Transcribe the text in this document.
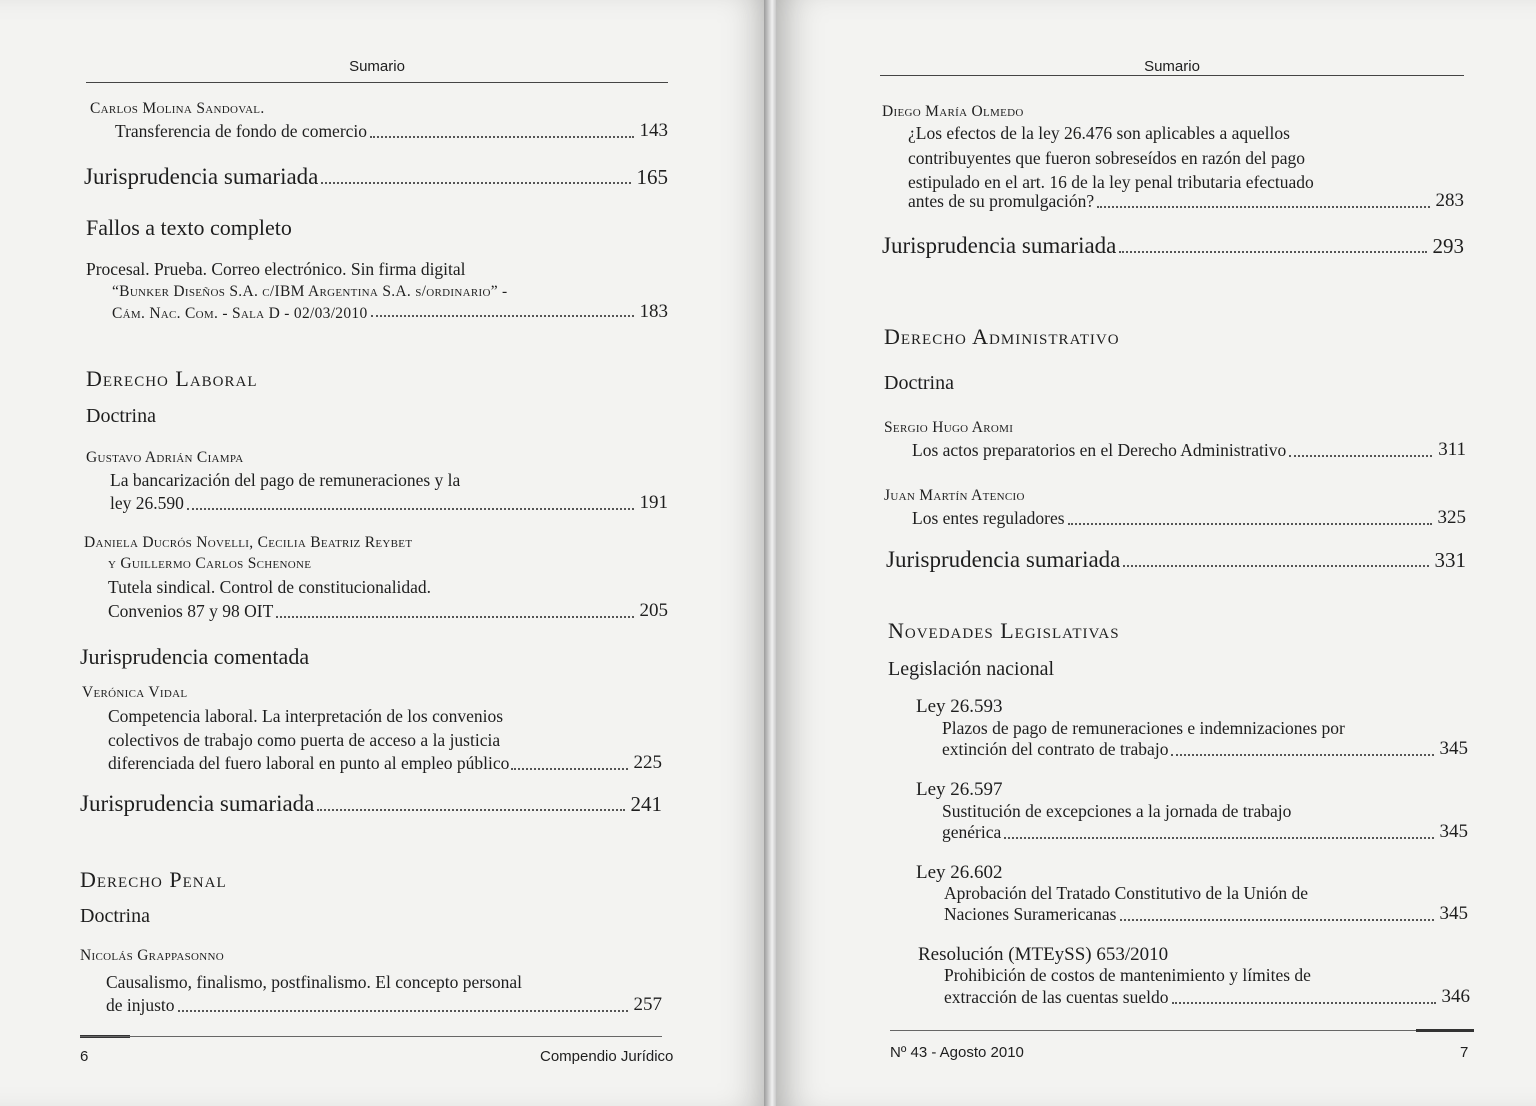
Sumario
Carlos Molina Sandoval.
Transferencia de fondo de comercio	143
Jurisprudencia sumariada	165
Fallos a texto completo
Procesal. Prueba. Correo electrónico. Sin firma digital
“Bunker Diseños S.A. c/IBM Argentina S.A. s/ordinario” -
Cám. Nac. Com. - Sala D - 02/03/2010	183
Derecho Laboral
Doctrina
Gustavo Adrián Ciampa
La bancarización del pago de remuneraciones y la
ley 26.590	191
Daniela Ducrós Novelli, Cecilia Beatriz Reybet
y Guillermo Carlos Schenone
Tutela sindical. Control de constitucionalidad.
Convenios 87 y 98 OIT	205
Jurisprudencia comentada
Verónica Vidal
Competencia laboral. La interpretación de los convenios
colectivos de trabajo como puerta de acceso a la justicia
diferenciada del fuero laboral en punto al empleo público	225
Jurisprudencia sumariada	241
Derecho Penal
Doctrina
Nicolás Grappasonno
Causalismo, finalismo, postfinalismo. El concepto personal
de injusto	257
6	Compendio Jurídico
Sumario
Diego María Olmedo
¿Los efectos de la ley 26.476 son aplicables a aquellos
contribuyentes que fueron sobreseídos en razón del pago
estipulado en el art. 16 de la ley penal tributaria efectuado
antes de su promulgación?	283
Jurisprudencia sumariada	293
Derecho Administrativo
Doctrina
Sergio Hugo Aromi
Los actos preparatorios en el Derecho Administrativo	311
Juan Martín Atencio
Los entes reguladores	325
Jurisprudencia sumariada	331
Novedades Legislativas
Legislación nacional
Ley 26.593
Plazos de pago de remuneraciones e indemnizaciones por
extinción del contrato de trabajo	345
Ley 26.597
Sustitución de excepciones a la jornada de trabajo
genérica	345
Ley 26.602
Aprobación del Tratado Constitutivo de la Unión de
Naciones Suramericanas	345
Resolución (MTEySS) 653/2010
Prohibición de costos de mantenimiento y límites de
extracción de las cuentas sueldo	346
Nº 43 - Agosto 2010	7
